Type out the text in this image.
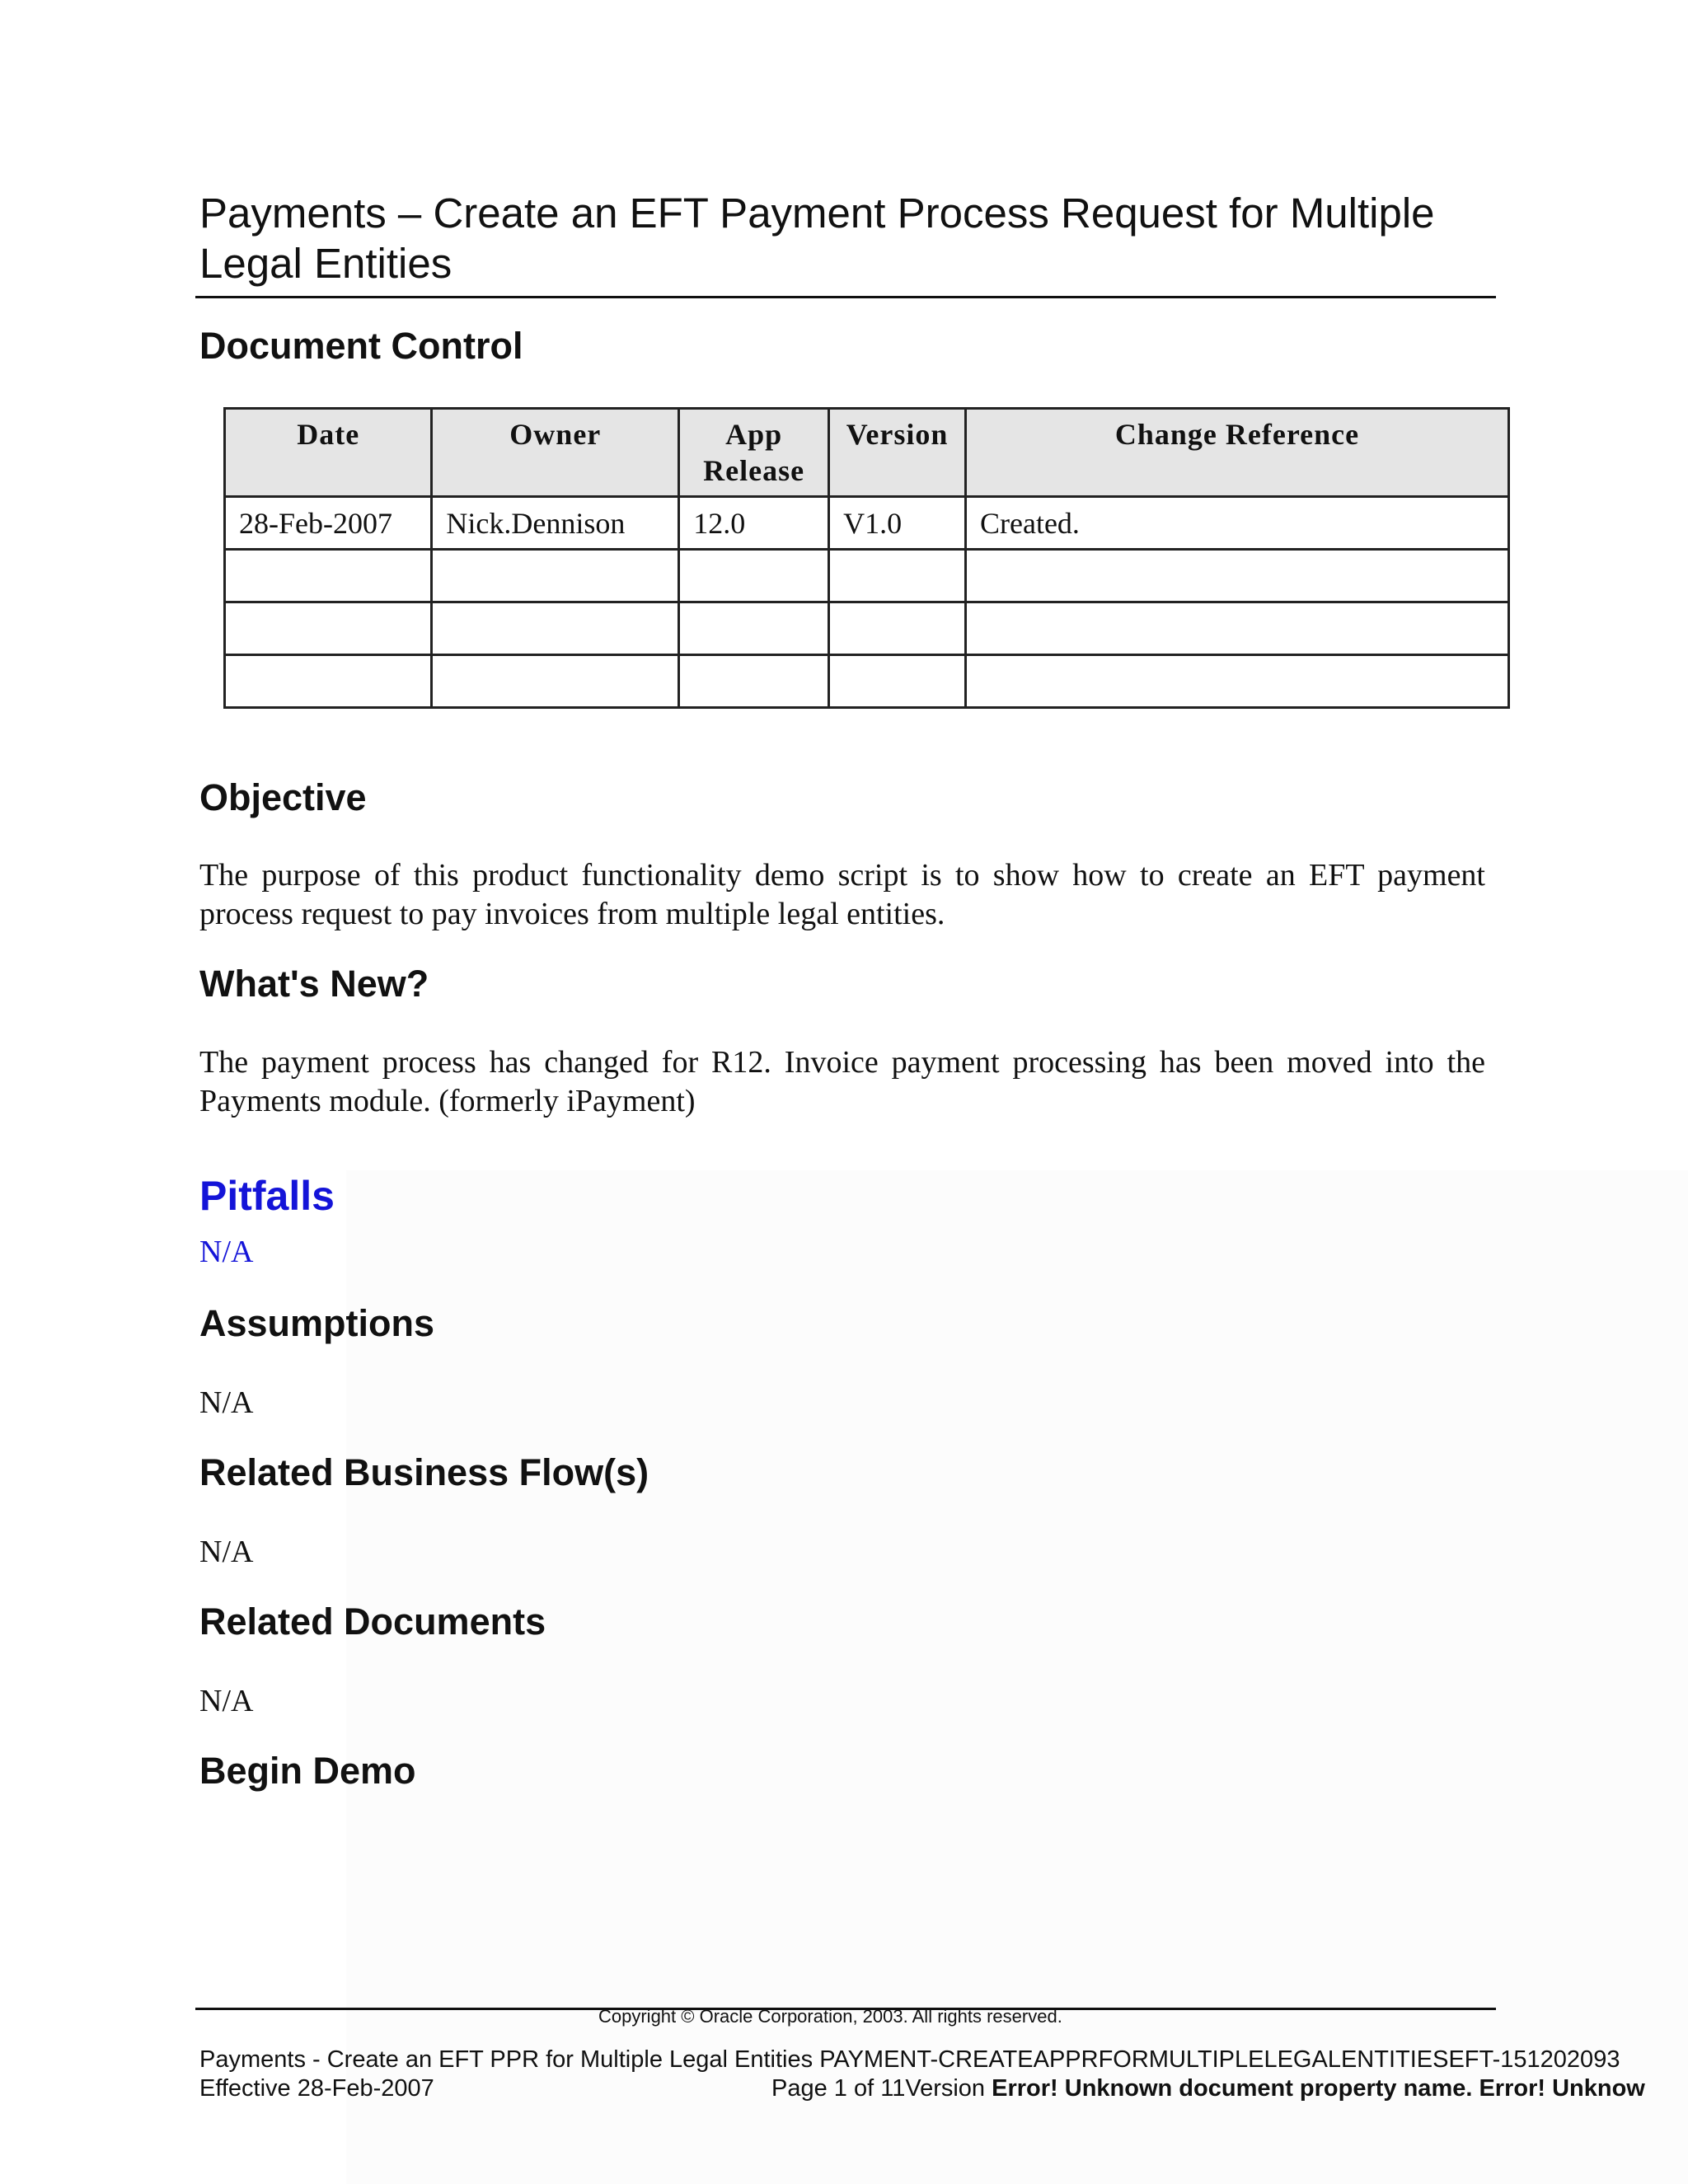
Payments – Create an EFT Payment Process Request for Multiple Legal Entities
Document Control
Date	Owner	App Release	Version	Change Reference
28-Feb-2007	Nick.Dennison	12.0	V1.0	Created.

Objective
The purpose of this product functionality demo script is to show how to create an EFT payment process request to pay invoices from multiple legal entities.
What's New?
The payment process has changed for R12. Invoice payment processing has been moved into the Payments module. (formerly iPayment)
Pitfalls
N/A
Assumptions
N/A
Related Business Flow(s)
N/A
Related Documents
N/A
Begin Demo
Copyright © Oracle Corporation, 2003. All rights reserved.
Payments - Create an EFT PPR for Multiple Legal Entities PAYMENT-CREATEAPPRFORMULTIPLELEGALENTITIESEFT-151202093
Effective 28-Feb-2007	Page 1 of 11Version Error! Unknown document property name. Error! Unknow
